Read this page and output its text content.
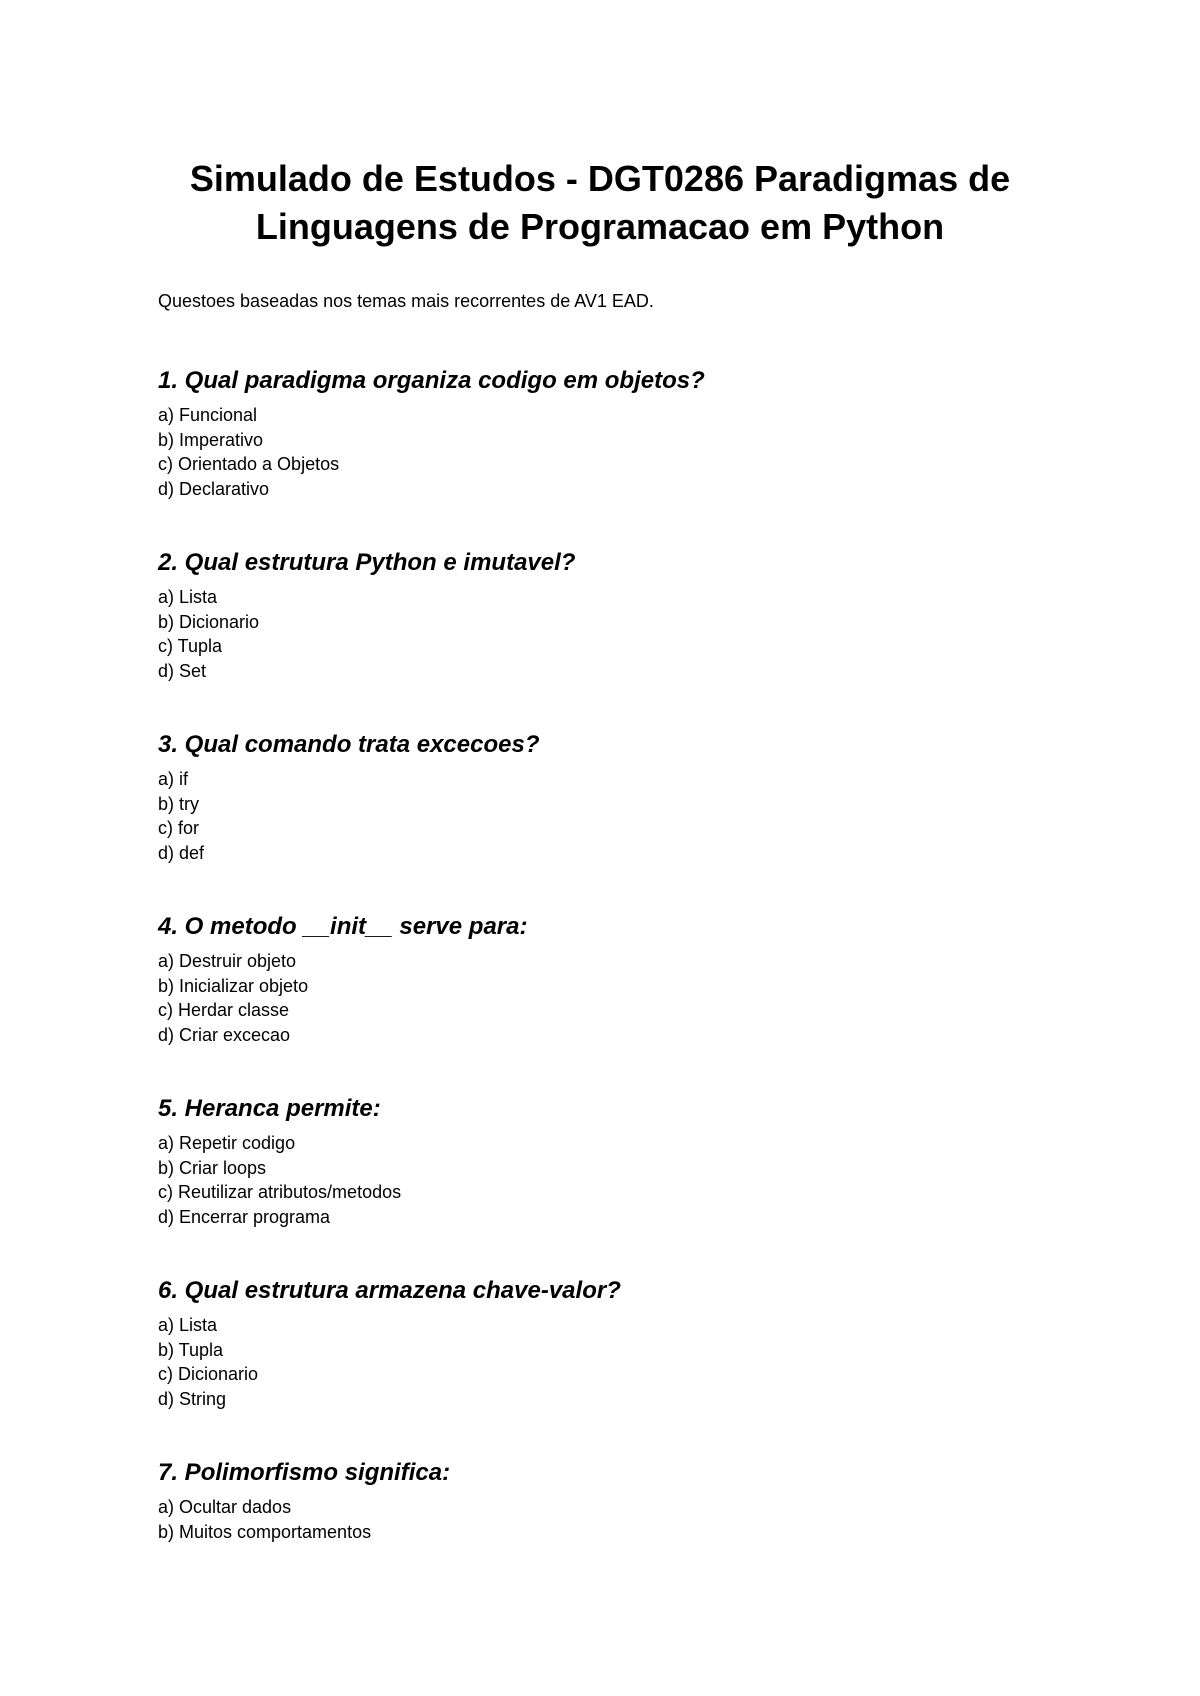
Simulado de Estudos - DGT0286 Paradigmas de
Linguagens de Programacao em Python

Questoes baseadas nos temas mais recorrentes de AV1 EAD.

1. Qual paradigma organiza codigo em objetos?
a) Funcional
b) Imperativo
c) Orientado a Objetos
d) Declarativo
2. Qual estrutura Python e imutavel?
a) Lista
b) Dicionario
c) Tupla
d) Set
3. Qual comando trata excecoes?
a) if
b) try
c) for
d) def
4. O metodo __init__ serve para:
a) Destruir objeto
b) Inicializar objeto
c) Herdar classe
d) Criar excecao
5. Heranca permite:
a) Repetir codigo
b) Criar loops
c) Reutilizar atributos/metodos
d) Encerrar programa
6. Qual estrutura armazena chave-valor?
a) Lista
b) Tupla
c) Dicionario
d) String
7. Polimorfismo significa:
a) Ocultar dados
b) Muitos comportamentos
